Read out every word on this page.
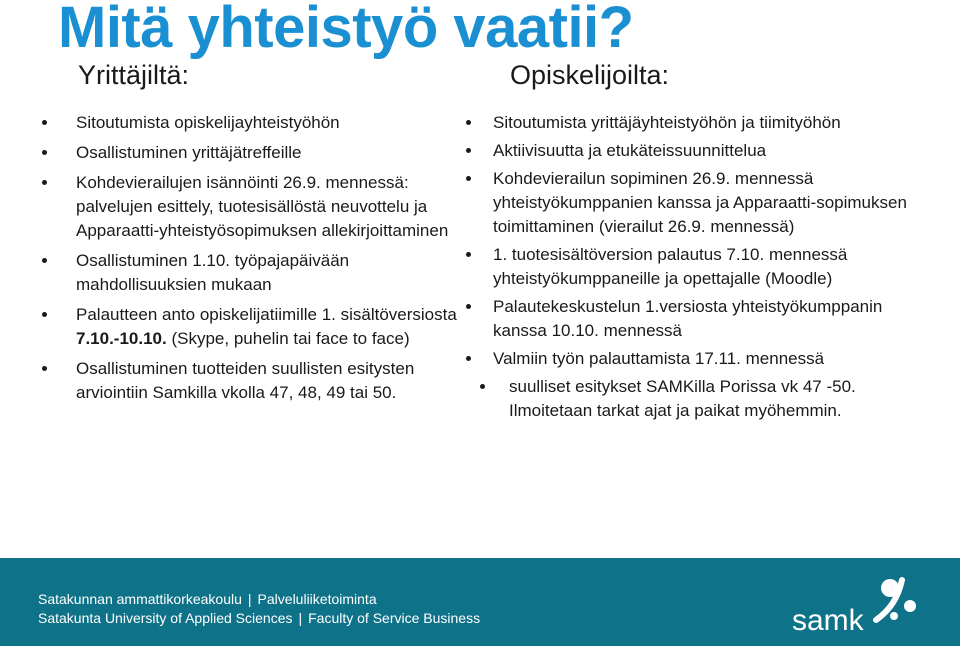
Mitä yhteistyö vaatii?
Yrittäjiltä:	Opiskelijoilta:
Sitoutumista opiskelijayhteistyöhön
Osallistuminen yrittäjätreffeille
Kohdevierailujen isännöinti 26.9. mennessä: palvelujen esittely, tuotesisällöstä neuvottelu ja Apparaatti-yhteistyösopimuksen allekirjoittaminen
Osallistuminen 1.10. työpajapäivään mahdollisuuksien mukaan
Palautteen anto opiskelijatiimille 1. sisältöversiosta 7.10.-10.10. (Skype, puhelin tai face to face)
Osallistuminen tuotteiden suullisten esitysten arviointiin Samkilla vkolla 47, 48, 49 tai 50.
Sitoutumista yrittäjäyhteistyöhön ja tiimityöhön
Aktiivisuutta ja etukäteissuunnittelua
Kohdevierailun sopiminen 26.9. mennessä yhteistyökumppanien kanssa ja Apparaatti-sopimuksen toimittaminen (vierailut 26.9. mennessä)
1. tuotesisältöversion palautus 7.10. mennessä yhteistyökumppaneille ja opettajalle (Moodle)
Palautekeskustelun 1.versiosta yhteistyökumppanin kanssa 10.10. mennessä
Valmiin työn palauttamista 17.11. mennessä
suulliset esitykset SAMKilla Porissa vk 47 -50. Ilmoitetaan tarkat ajat ja paikat myöhemmin.
Satakunnan ammattikorkeakoulu | Palveluliiketoiminta
Satakunta University of Applied Sciences | Faculty of Service Business	samk
